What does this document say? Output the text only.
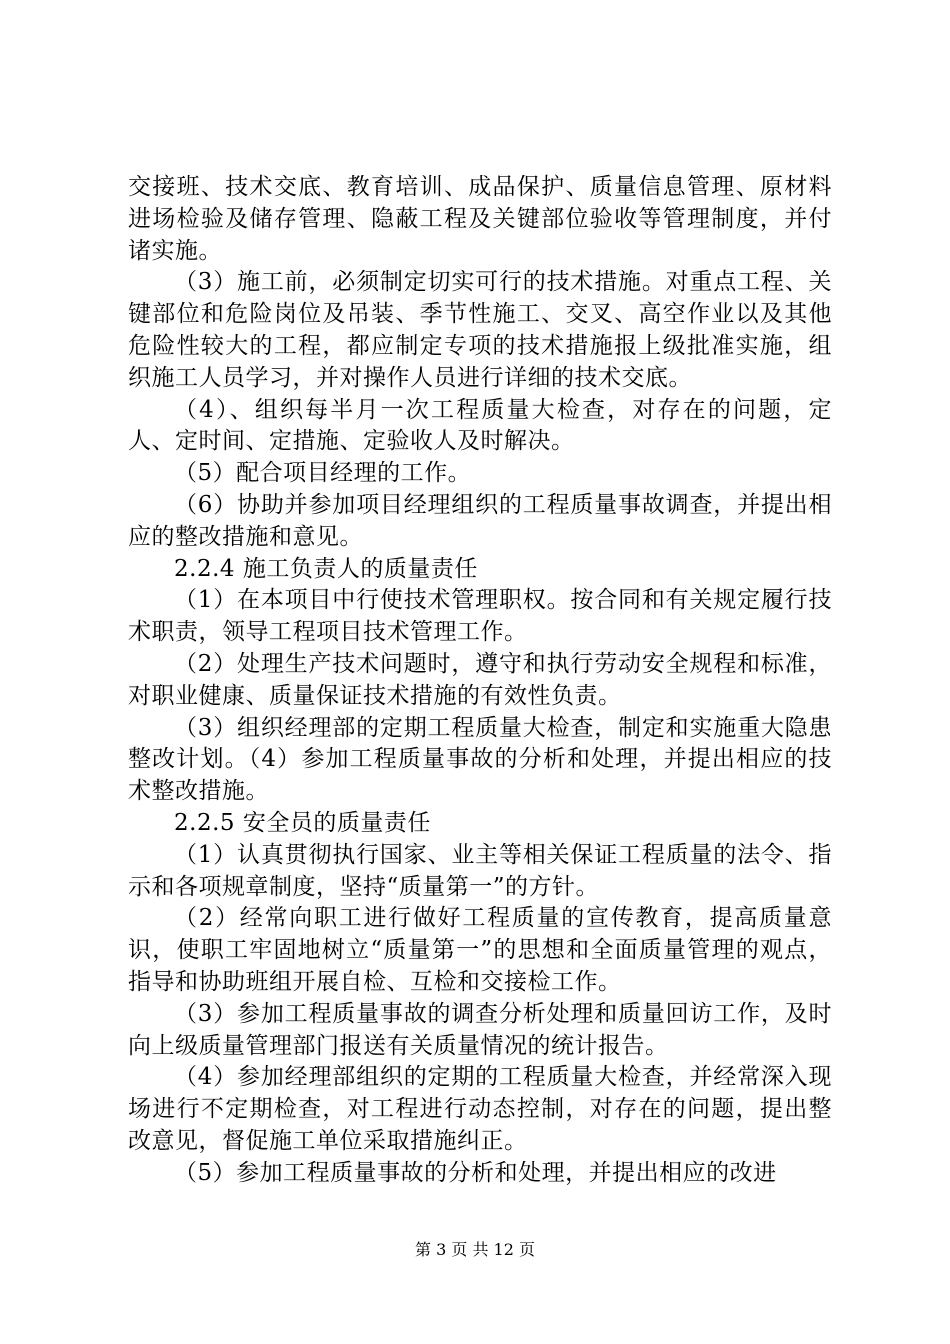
交接班、技术交底、教育培训、成品保护、质量信息管理、原材料进场检验及储存管理、隐蔽工程及关键部位验收等管理制度，并付诸实施。

（3）施工前，必须制定切实可行的技术措施。对重点工程、关键部位和危险岗位及吊装、季节性施工、交叉、高空作业以及其他危险性较大的工程，都应制定专项的技术措施报上级批准实施，组织施工人员学习，并对操作人员进行详细的技术交底。

（4）、组织每半月一次工程质量大检查，对存在的问题，定人、定时间、定措施、定验收人及时解决。

（5）配合项目经理的工作。

（6）协助并参加项目经理组织的工程质量事故调查，并提出相应的整改措施和意见。

2.2.4 施工负责人的质量责任

（1）在本项目中行使技术管理职权。按合同和有关规定履行技术职责，领导工程项目技术管理工作。

（2）处理生产技术问题时，遵守和执行劳动安全规程和标准，对职业健康、质量保证技术措施的有效性负责。

（3）组织经理部的定期工程质量大检查，制定和实施重大隐患整改计划。（4）参加工程质量事故的分析和处理，并提出相应的技术整改措施。

2.2.5 安全员的质量责任

（1）认真贯彻执行国家、业主等相关保证工程质量的法令、指示和各项规章制度，坚持“质量第一”的方针。

（2）经常向职工进行做好工程质量的宣传教育，提高质量意识，使职工牢固地树立“质量第一”的思想和全面质量管理的观点，指导和协助班组开展自检、互检和交接检工作。

（3）参加工程质量事故的调查分析处理和质量回访工作，及时向上级质量管理部门报送有关质量情况的统计报告。

（4）参加经理部组织的定期的工程质量大检查，并经常深入现场进行不定期检查，对工程进行动态控制，对存在的问题，提出整改意见，督促施工单位采取措施纠正。

（5）参加工程质量事故的分析和处理，并提出相应的改进

第 3 页 共 12 页
